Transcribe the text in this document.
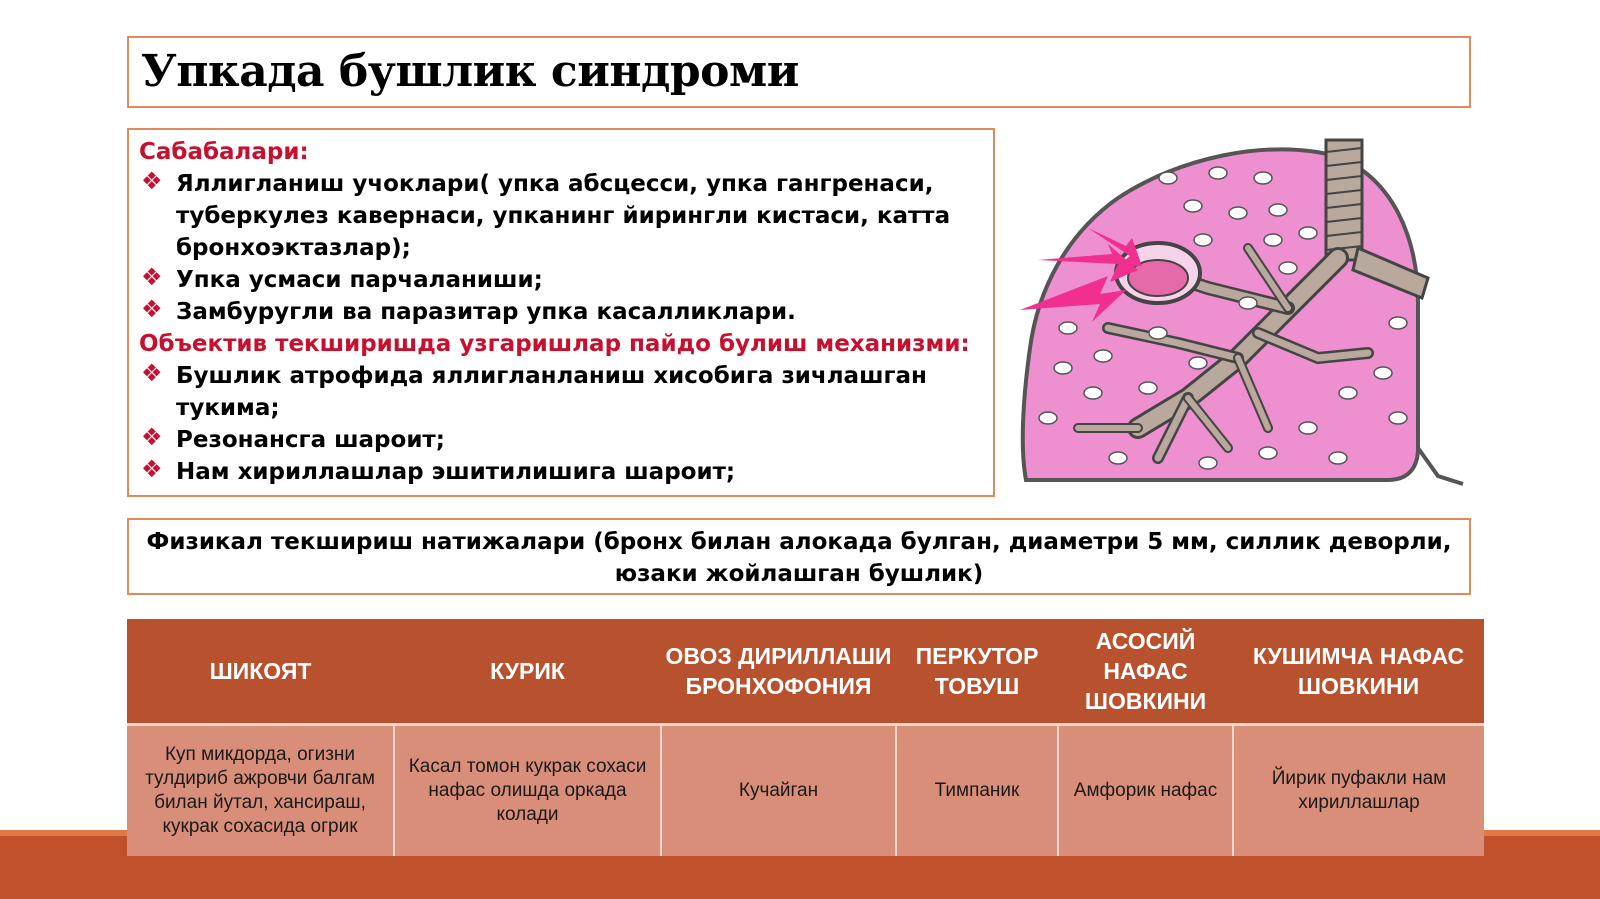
Упкада бушлик синдроми
Сабабалари:
❖ Яллигланиш учоклари( упка абсцесси, упка гангренаси, туберкулез кавернаси, упканинг йирингли кистаси, катта бронхоэктазлар);
❖ Упка усмаси парчаланиши;
❖ Замбуругли ва паразитар упка касалликлари.
Объектив текширишда узгаришлар пайдо булиш механизми:
❖ Бушлик атрофида яллигланланиш хисобига зичлашган тукима;
❖ Резонансга шароит;
❖ Нам хириллашлар эшитилишига шароит;
Физикал текшириш натижалари (бронх билан алокада булган, диаметри 5 мм, силлик деворли, юзаки жойлашган бушлик)
ШИКОЯТ	КУРИК	ОВОЗ ДИРИЛЛАШИ БРОНХОФОНИЯ	ПЕРКУТОР ТОВУШ	АСОСИЙ НАФАС ШОВКИНИ	КУШИМЧА НАФАС ШОВКИНИ
Куп микдорда, огизни тулдириб ажровчи балгам билан йутал, хансираш, кукрак сохасида огрик	Касал томон кукрак сохаси нафас олишда оркада колади	Кучайган	Тимпаник	Амфорик нафас	Йирик пуфакли нам хириллашлар
